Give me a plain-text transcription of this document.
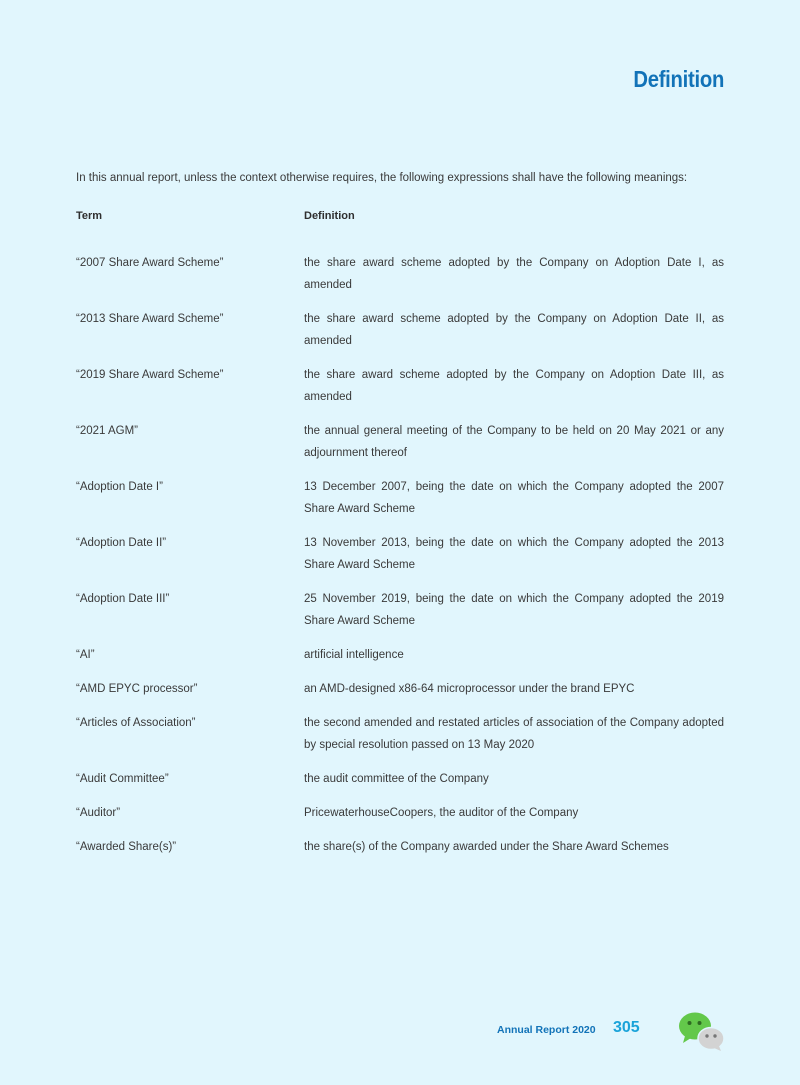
Definition

In this annual report, unless the context otherwise requires, the following expressions shall have the following meanings:

Term	Definition

“2007 Share Award Scheme”	the share award scheme adopted by the Company on Adoption Date I, as amended

“2013 Share Award Scheme”	the share award scheme adopted by the Company on Adoption Date II, as amended

“2019 Share Award Scheme”	the share award scheme adopted by the Company on Adoption Date III, as amended

“2021 AGM”	the annual general meeting of the Company to be held on 20 May 2021 or any adjournment thereof

“Adoption Date I”	13 December 2007, being the date on which the Company adopted the 2007 Share Award Scheme

“Adoption Date II”	13 November 2013, being the date on which the Company adopted the 2013 Share Award Scheme

“Adoption Date III”	25 November 2019, being the date on which the Company adopted the 2019 Share Award Scheme

“AI”	artificial intelligence

“AMD EPYC processor”	an AMD-designed x86-64 microprocessor under the brand EPYC

“Articles of Association”	the second amended and restated articles of association of the Company adopted by special resolution passed on 13 May 2020

“Audit Committee”	the audit committee of the Company

“Auditor”	PricewaterhouseCoopers, the auditor of the Company

“Awarded Share(s)”	the share(s) of the Company awarded under the Share Award Schemes
Annual Report 2020 305
